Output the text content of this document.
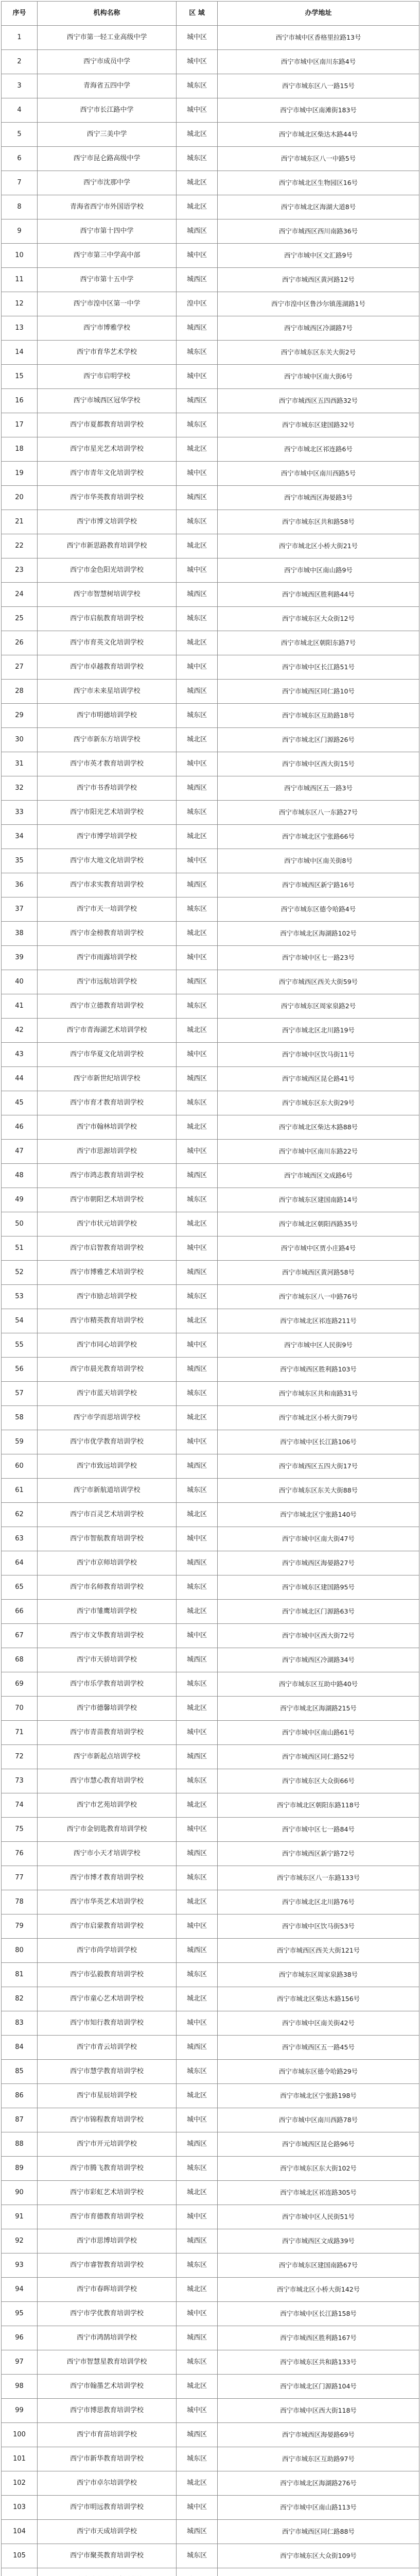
序号	机构名称	区 域	办学地址
1	西宁市第一轻工业高级中学	城中区	西宁市城中区香格里拉路13号
2	西宁市成员中学	城中区	西宁市城中区南川东路4号
3	青海省五四中学	城东区	西宁市城东区八一路15号
4	西宁市长江路中学	城中区	西宁市城中区南滩街183号
5	西宁三美中学	城北区	西宁市城北区柴达木路44号
6	西宁市昆仑路高级中学	城东区	西宁市城东区八一中路5号
7	西宁市沈那中学	城北区	西宁市城北区生物园区16号
8	青海省西宁市外国语学校	城北区	西宁市城北区海湖大道8号
9	西宁市第十四中学	城西区	西宁市城西区西川南路36号
10	西宁市第三中学高中部	城中区	西宁市城中区文汇路9号
11	西宁市第十五中学	城西区	西宁市城西区黄河路12号
12	西宁市湟中区第一中学	湟中区	西宁市湟中区鲁沙尔镇莲湖路1号
13	西宁市博雅学校	城西区	西宁市城西区冷湖路7号
14	西宁市育华艺术学校	城东区	西宁市城东区东关大街2号
15	西宁市启明学校	城中区	西宁市城中区南大街6号
16	西宁市城西区冠华学校	城西区	西宁市城西区五四西路32号
17	西宁市夏都教育培训学校	城东区	西宁市城东区建国路32号
18	西宁市星光艺术培训学校	城北区	西宁市城北区祁连路6号
19	西宁市青年文化培训学校	城中区	西宁市城中区南川西路5号
20	西宁市华英教育培训学校	城西区	西宁市城西区海晏路3号
21	西宁市博文培训学校	城东区	西宁市城东区共和路58号
22	西宁市新思路教育培训学校	城北区	西宁市城北区小桥大街21号
23	西宁市金色阳光培训学校	城中区	西宁市城中区南山路9号
24	西宁市智慧树培训学校	城西区	西宁市城西区胜利路44号
25	西宁市启航教育培训学校	城东区	西宁市城东区大众街12号
26	西宁市育英文化培训学校	城北区	西宁市城北区朝阳东路7号
27	西宁市卓越教育培训学校	城中区	西宁市城中区长江路51号
28	西宁市未来星培训学校	城西区	西宁市城西区同仁路10号
29	西宁市明德培训学校	城东区	西宁市城东区互助路18号
30	西宁市新东方培训学校	城北区	西宁市城北区门源路26号
31	西宁市英才教育培训学校	城中区	西宁市城中区西大街15号
32	西宁市书香培训学校	城西区	西宁市城西区五一路3号
33	西宁市阳光艺术培训学校	城东区	西宁市城东区八一东路27号
34	西宁市博学培训学校	城北区	西宁市城北区宁张路66号
35	西宁市大地文化培训学校	城中区	西宁市城中区南关街8号
36	西宁市求实教育培训学校	城西区	西宁市城西区新宁路16号
37	西宁市天一培训学校	城东区	西宁市城东区德令哈路4号
38	西宁市金榜教育培训学校	城北区	西宁市城北区海湖路102号
39	西宁市雨露培训学校	城中区	西宁市城中区七一路23号
40	西宁市远航培训学校	城西区	西宁市城西区西关大街59号
41	西宁市立德教育培训学校	城东区	西宁市城东区周家泉路2号
42	西宁市青海湖艺术培训学校	城北区	西宁市城北区北川路19号
43	西宁市华夏文化培训学校	城中区	西宁市城中区饮马街11号
44	西宁市新世纪培训学校	城西区	西宁市城西区昆仑路41号
45	西宁市育才教育培训学校	城东区	西宁市城东区东大街29号
46	西宁市翰林培训学校	城北区	西宁市城北区柴达木路88号
47	西宁市思源培训学校	城中区	西宁市城中区南川东路22号
48	西宁市鸿志教育培训学校	城西区	西宁市城西区文成路6号
49	西宁市朝阳艺术培训学校	城东区	西宁市城东区建国南路14号
50	西宁市状元培训学校	城北区	西宁市城北区朝阳西路35号
51	西宁市启智教育培训学校	城中区	西宁市城中区贾小庄路4号
52	西宁市博雅艺术培训学校	城西区	西宁市城西区黄河路58号
53	西宁市励志培训学校	城东区	西宁市城东区八一中路76号
54	西宁市精英教育培训学校	城北区	西宁市城北区祁连路211号
55	西宁市同心培训学校	城中区	西宁市城中区人民街9号
56	西宁市晨光教育培训学校	城西区	西宁市城西区胜利路103号
57	西宁市蓝天培训学校	城东区	西宁市城东区共和南路31号
58	西宁市学而思培训学校	城北区	西宁市城北区小桥大街79号
59	西宁市优学教育培训学校	城中区	西宁市城中区长江路106号
60	西宁市致远培训学校	城西区	西宁市城西区五四大街17号
61	西宁市新航道培训学校	城东区	西宁市城东区东关大街88号
62	西宁市百灵艺术培训学校	城北区	西宁市城北区宁张路140号
63	西宁市智航教育培训学校	城中区	西宁市城中区南大街47号
64	西宁市京师培训学校	城西区	西宁市城西区海晏路27号
65	西宁市名师教育培训学校	城东区	西宁市城东区建国路95号
66	西宁市雏鹰培训学校	城北区	西宁市城北区门源路63号
67	西宁市文华教育培训学校	城中区	西宁市城中区西大街72号
68	西宁市天骄培训学校	城西区	西宁市城西区冷湖路34号
69	西宁市乐学教育培训学校	城东区	西宁市城东区互助中路40号
70	西宁市德馨培训学校	城北区	西宁市城北区海湖路215号
71	西宁市青苗教育培训学校	城中区	西宁市城中区南山路61号
72	西宁市新起点培训学校	城西区	西宁市城西区同仁路52号
73	西宁市慧心教育培训学校	城东区	西宁市城东区大众街66号
74	西宁市艺苑培训学校	城北区	西宁市城北区朝阳东路118号
75	西宁市金钥匙教育培训学校	城中区	西宁市城中区七一路84号
76	西宁市小天才培训学校	城西区	西宁市城西区新宁路72号
77	西宁市博才教育培训学校	城东区	西宁市城东区八一东路133号
78	西宁市华英艺术培训学校	城北区	西宁市城北区北川路76号
79	西宁市启蒙教育培训学校	城中区	西宁市城中区饮马街53号
80	西宁市尚学培训学校	城西区	西宁市城西区西关大街121号
81	西宁市弘毅教育培训学校	城东区	西宁市城东区周家泉路38号
82	西宁市童心艺术培训学校	城北区	西宁市城北区柴达木路156号
83	西宁市知行教育培训学校	城中区	西宁市城中区南关街42号
84	西宁市青云培训学校	城西区	西宁市城西区五一路45号
85	西宁市慧学教育培训学校	城东区	西宁市城东区德令哈路29号
86	西宁市星辰培训学校	城北区	西宁市城北区宁张路198号
87	西宁市锦程教育培训学校	城中区	西宁市城中区南川西路78号
88	西宁市开元培训学校	城西区	西宁市城西区昆仑路96号
89	西宁市腾飞教育培训学校	城东区	西宁市城东区东大街102号
90	西宁市彩虹艺术培训学校	城北区	西宁市城北区祁连路305号
91	西宁市育德教育培训学校	城中区	西宁市城中区人民街51号
92	西宁市思博培训学校	城西区	西宁市城西区文成路39号
93	西宁市睿智教育培训学校	城东区	西宁市城东区建国南路67号
94	西宁市春晖培训学校	城北区	西宁市城北区小桥大街142号
95	西宁市学优教育培训学校	城中区	西宁市城中区长江路158号
96	西宁市鸿鹄培训学校	城西区	西宁市城西区胜利路167号
97	西宁市智慧星教育培训学校	城东区	西宁市城东区共和路133号
98	西宁市翰墨艺术培训学校	城北区	西宁市城北区门源路104号
99	西宁市博思教育培训学校	城中区	西宁市城中区西大街118号
100	西宁市育苗培训学校	城西区	西宁市城西区海晏路69号
101	西宁市新华教育培训学校	城东区	西宁市城东区互助路97号
102	西宁市卓尔培训学校	城北区	西宁市城北区海湖路276号
103	西宁市明远教育培训学校	城中区	西宁市城中区南山路113号
104	西宁市天成培训学校	城西区	西宁市城西区同仁路88号
105	西宁市聚英教育培训学校	城东区	西宁市城东区大众街109号
